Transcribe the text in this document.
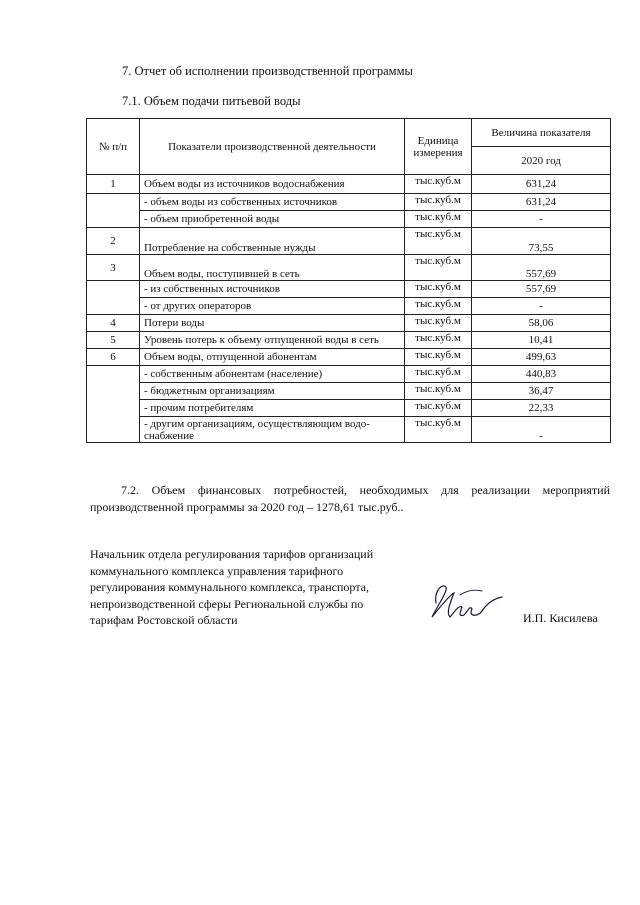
7. Отчет об исполнении производственной программы
7.1. Объем подачи питьевой воды
№ п/п	Показатели производственной деятельности	Единица измерения	Величина показателя
			2020 год
1	Объем воды из источников водоснабжения	тыс.куб.м	631,24
	- объем воды из собственных источников	тыс.куб.м	631,24
	- объем приобретенной воды	тыс.куб.м	-
2	Потребление на собственные нужды	тыс.куб.м	73,55
3	Объем воды, поступившей в сеть	тыс.куб.м	557,69
	- из собственных источников	тыс.куб.м	557,69
	- от других операторов	тыс.куб.м	-
4	Потери воды	тыс.куб.м	58,06
5	Уровень потерь к объему отпущенной воды в сеть	тыс.куб.м	10,41
6	Объем воды, отпущенной абонентам	тыс.куб.м	499,63
	- собственным абонентам (население)	тыс.куб.м	440,83
	- бюджетным организациям	тыс.куб.м	36,47
	- прочим потребителям	тыс.куб.м	22,33
	- другим организациям, осуществляющим водо-снабжение	тыс.куб.м	-
7.2. Объем финансовых потребностей, необходимых для реализации мероприятий производственной программы за 2020 год – 1278,61 тыс.руб..
Начальник отдела регулирования тарифов организаций
коммунального комплекса управления тарифного
регулирования коммунального комплекса, транспорта,
непроизводственной сферы Региональной службы по
тарифам Ростовской области	И.П. Кисилева
